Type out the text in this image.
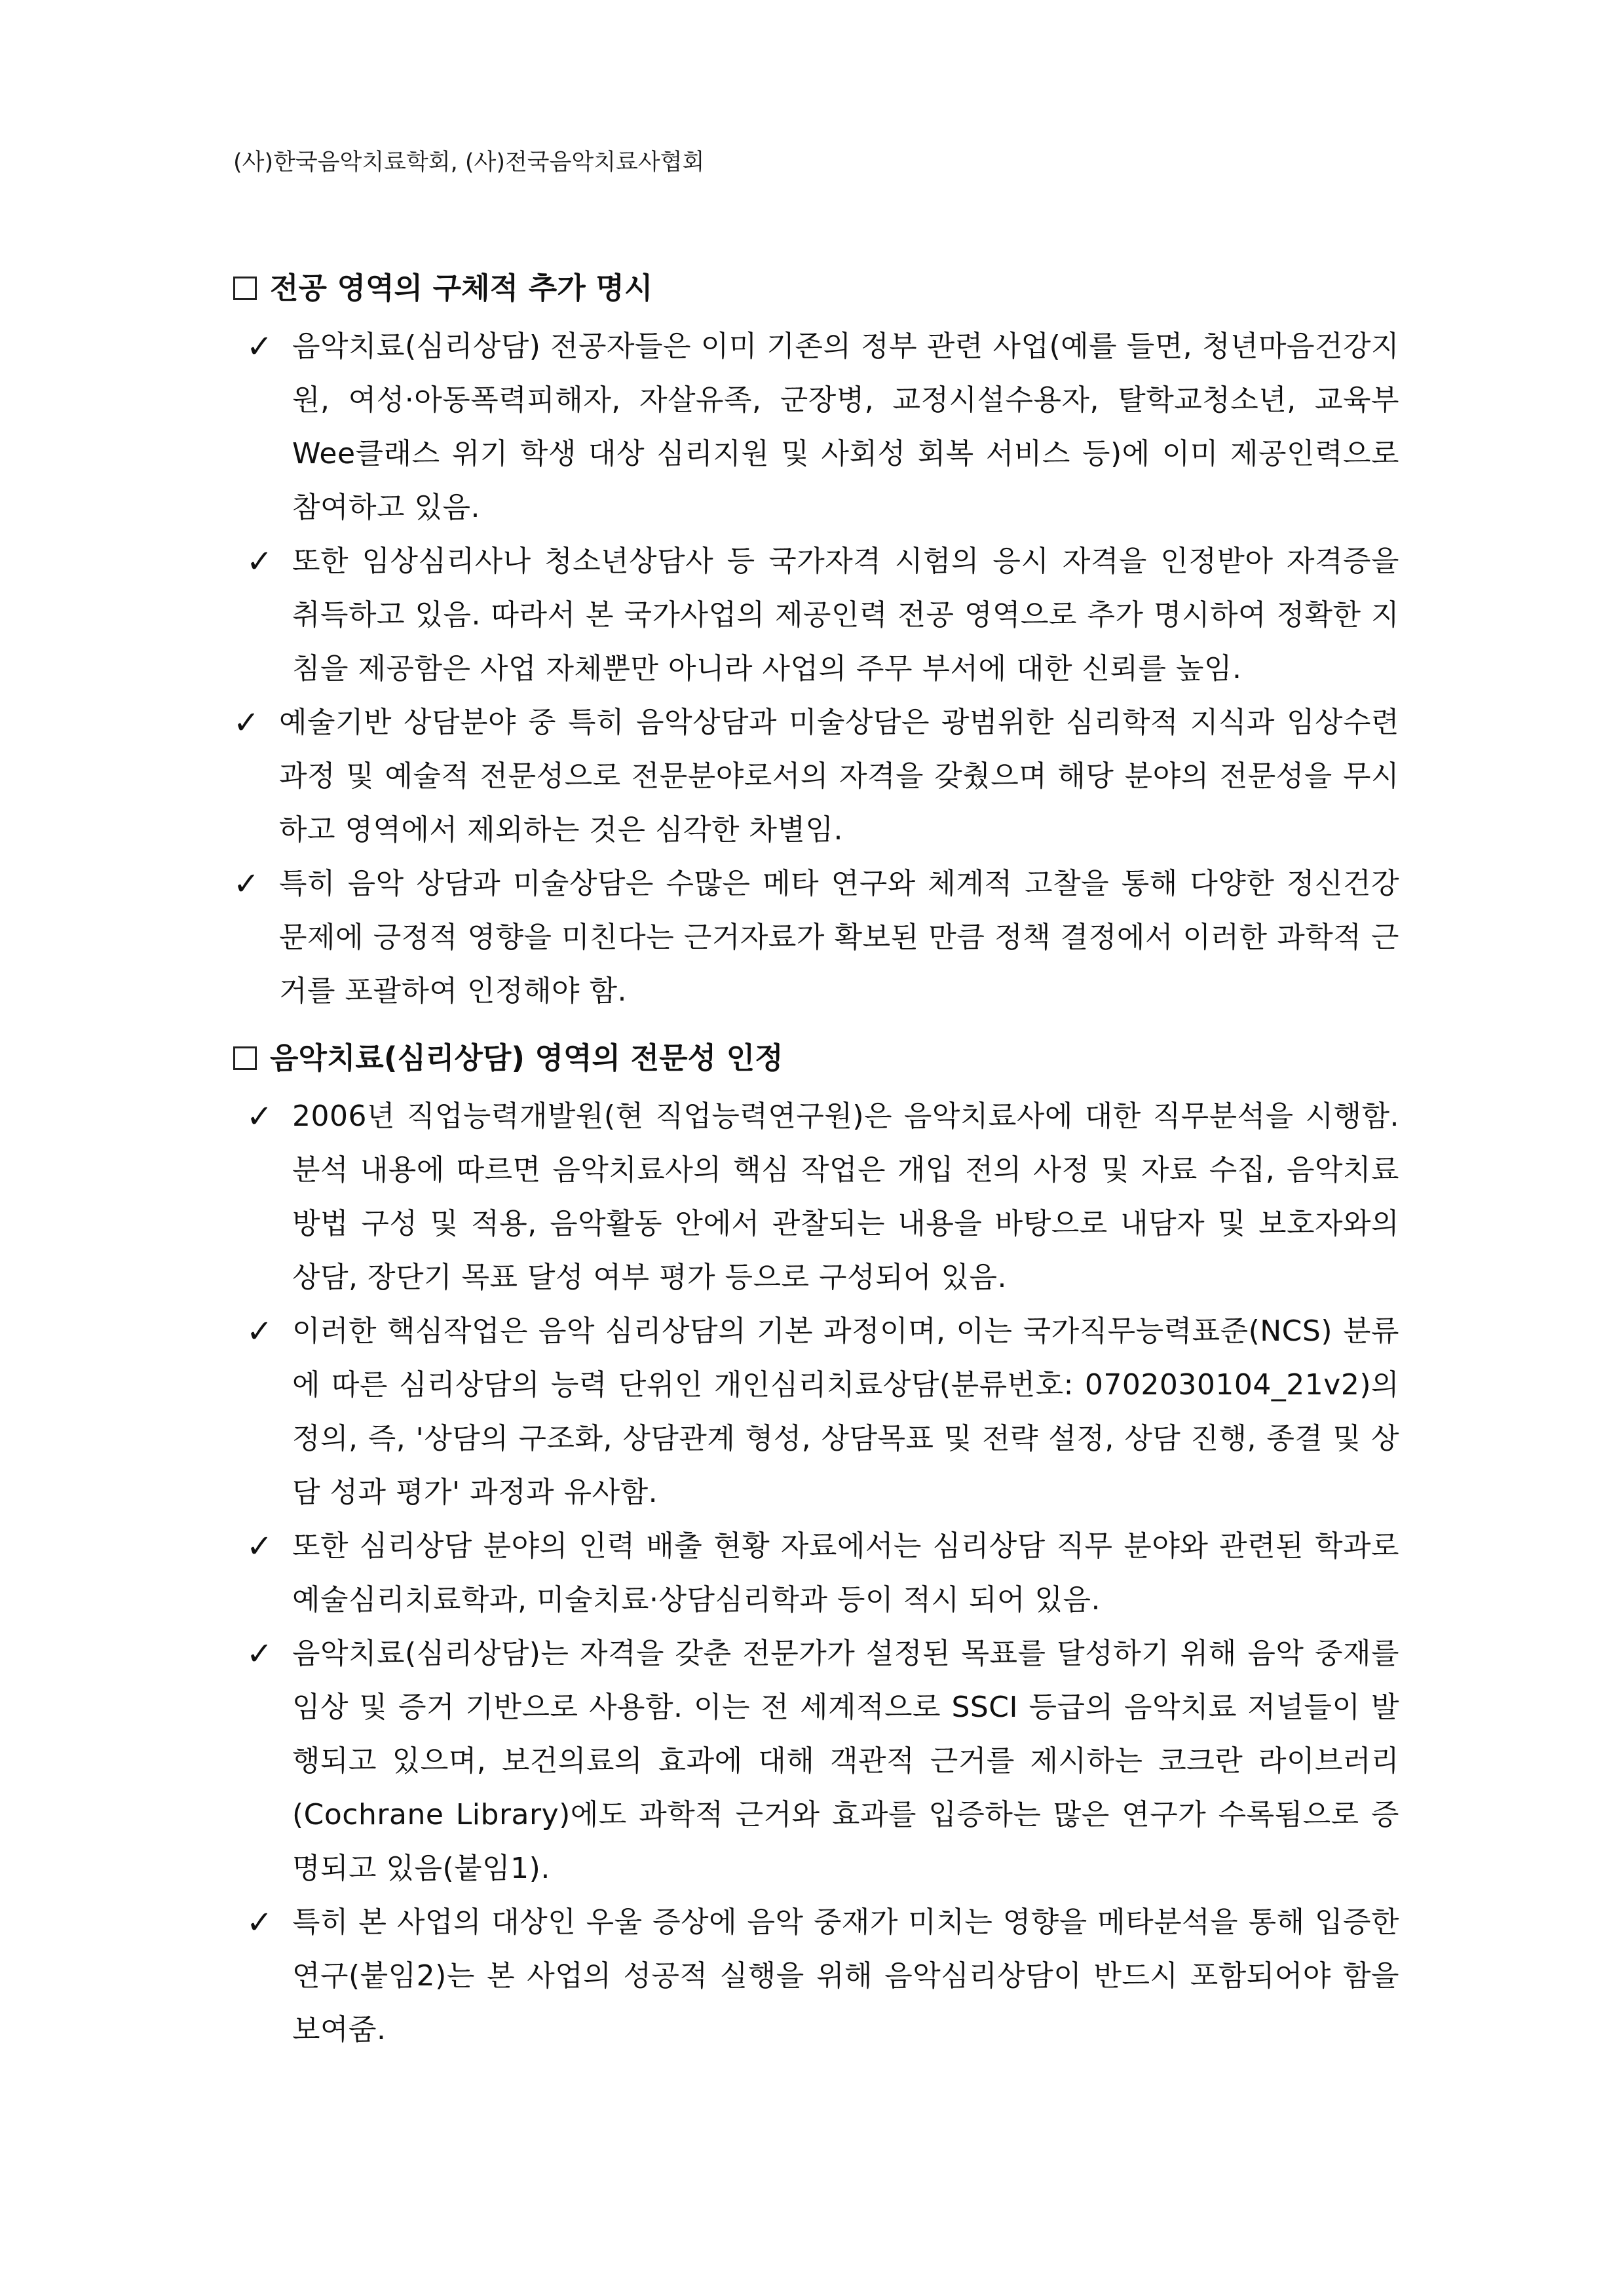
(사)한국음악치료학회, (사)전국음악치료사협회
전공 영역의 구체적 추가 명시
✓ 음악치료(심리상담) 전공자들은 이미 기존의 정부 관련 사업(예를 들면, 청년마음건강지원, 여성·아동폭력피해자, 자살유족, 군장병, 교정시설수용자, 탈학교청소년, 교육부 Wee클래스 위기 학생 대상 심리지원 및 사회성 회복 서비스 등)에 이미 제공인력으로 참여하고 있음.
✓ 또한 임상심리사나 청소년상담사 등 국가자격 시험의 응시 자격을 인정받아 자격증을 취득하고 있음. 따라서 본 국가사업의 제공인력 전공 영역으로 추가 명시하여 정확한 지침을 제공함은 사업 자체뿐만 아니라 사업의 주무 부서에 대한 신뢰를 높임.
✓ 예술기반 상담분야 중 특히 음악상담과 미술상담은 광범위한 심리학적 지식과 임상수련과정 및 예술적 전문성으로 전문분야로서의 자격을 갖췄으며 해당 분야의 전문성을 무시하고 영역에서 제외하는 것은 심각한 차별임.
✓ 특히 음악 상담과 미술상담은 수많은 메타 연구와 체계적 고찰을 통해 다양한 정신건강 문제에 긍정적 영향을 미친다는 근거자료가 확보된 만큼 정책 결정에서 이러한 과학적 근거를 포괄하여 인정해야 함.
음악치료(심리상담) 영역의 전문성 인정
✓ 2006년 직업능력개발원(현 직업능력연구원)은 음악치료사에 대한 직무분석을 시행함. 분석 내용에 따르면 음악치료사의 핵심 작업은 개입 전의 사정 및 자료 수집, 음악치료 방법 구성 및 적용, 음악활동 안에서 관찰되는 내용을 바탕으로 내담자 및 보호자와의 상담, 장단기 목표 달성 여부 평가 등으로 구성되어 있음.
✓ 이러한 핵심작업은 음악 심리상담의 기본 과정이며, 이는 국가직무능력표준(NCS) 분류에 따른 심리상담의 능력 단위인 개인심리치료상담(분류번호: 0702030104_21v2)의 정의, 즉, '상담의 구조화, 상담관계 형성, 상담목표 및 전략 설정, 상담 진행, 종결 및 상담 성과 평가' 과정과 유사함.
✓ 또한 심리상담 분야의 인력 배출 현황 자료에서는 심리상담 직무 분야와 관련된 학과로 예술심리치료학과, 미술치료·상담심리학과 등이 적시 되어 있음.
✓ 음악치료(심리상담)는 자격을 갖춘 전문가가 설정된 목표를 달성하기 위해 음악 중재를 임상 및 증거 기반으로 사용함. 이는 전 세계적으로 SSCI 등급의 음악치료 저널들이 발행되고 있으며, 보건의료의 효과에 대해 객관적 근거를 제시하는 코크란 라이브러리(Cochrane Library)에도 과학적 근거와 효과를 입증하는 많은 연구가 수록됨으로 증명되고 있음(붙임1).
✓ 특히 본 사업의 대상인 우울 증상에 음악 중재가 미치는 영향을 메타분석을 통해 입증한 연구(붙임2)는 본 사업의 성공적 실행을 위해 음악심리상담이 반드시 포함되어야 함을 보여줌.
